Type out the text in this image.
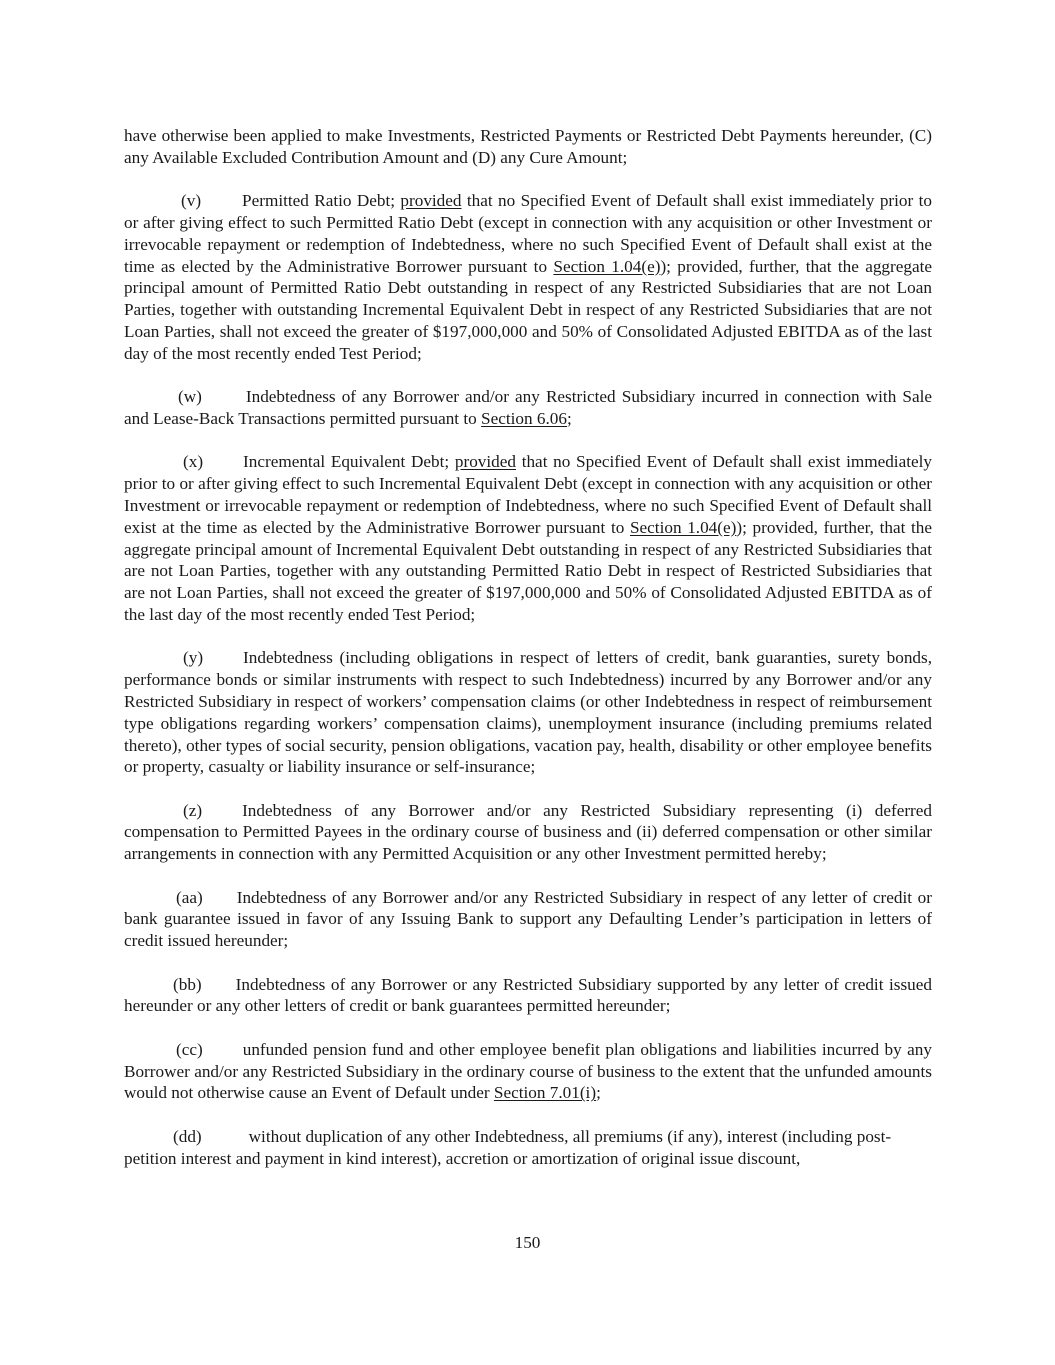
have otherwise been applied to make Investments, Restricted Payments or Restricted Debt Payments hereunder, (C) any Available Excluded Contribution Amount and (D) any Cure Amount;

(v) Permitted Ratio Debt; provided that no Specified Event of Default shall exist immediately prior to or after giving effect to such Permitted Ratio Debt (except in connection with any acquisition or other Investment or irrevocable repayment or redemption of Indebtedness, where no such Specified Event of Default shall exist at the time as elected by the Administrative Borrower pursuant to Section 1.04(e)); provided, further, that the aggregate principal amount of Permitted Ratio Debt outstanding in respect of any Restricted Subsidiaries that are not Loan Parties, together with outstanding Incremental Equivalent Debt in respect of any Restricted Subsidiaries that are not Loan Parties, shall not exceed the greater of $197,000,000 and 50% of Consolidated Adjusted EBITDA as of the last day of the most recently ended Test Period;

(w)	Indebtedness of any Borrower and/or any Restricted Subsidiary incurred in connection with Sale and Lease-Back Transactions permitted pursuant to Section 6.06;

(x) Incremental Equivalent Debt; provided that no Specified Event of Default shall exist immediately prior to or after giving effect to such Incremental Equivalent Debt (except in connection with any acquisition or other Investment or irrevocable repayment or redemption of Indebtedness, where no such Specified Event of Default shall exist at the time as elected by the Administrative Borrower pursuant to Section 1.04(e)); provided, further, that the aggregate principal amount of Incremental Equivalent Debt outstanding in respect of any Restricted Subsidiaries that are not Loan Parties, together with any outstanding Permitted Ratio Debt in respect of Restricted Subsidiaries that are not Loan Parties, shall not exceed the greater of $197,000,000 and 50% of Consolidated Adjusted EBITDA as of the last day of the most recently ended Test Period;

(y) Indebtedness (including obligations in respect of letters of credit, bank guaranties, surety bonds, performance bonds or similar instruments with respect to such Indebtedness) incurred by any Borrower and/or any Restricted Subsidiary in respect of workers’ compensation claims (or other Indebtedness in respect of reimbursement type obligations regarding workers’ compensation claims), unemployment insurance (including premiums related thereto), other types of social security, pension obligations, vacation pay, health, disability or other employee benefits or property, casualty or liability insurance or self-insurance;

(z) Indebtedness of any Borrower and/or any Restricted Subsidiary representing (i) deferred compensation to Permitted Payees in the ordinary course of business and (ii) deferred compensation or other similar arrangements in connection with any Permitted Acquisition or any other Investment permitted hereby;

(aa) Indebtedness of any Borrower and/or any Restricted Subsidiary in respect of any letter of credit or bank guarantee issued in favor of any Issuing Bank to support any Defaulting Lender’s participation in letters of credit issued hereunder;

(bb) Indebtedness of any Borrower or any Restricted Subsidiary supported by any letter of credit issued hereunder or any other letters of credit or bank guarantees permitted hereunder;

(cc) unfunded pension fund and other employee benefit plan obligations and liabilities incurred by any Borrower and/or any Restricted Subsidiary in the ordinary course of business to the extent that the unfunded amounts would not otherwise cause an Event of Default under Section 7.01(i);

(dd)	without duplication of any other Indebtedness, all premiums (if any), interest (including post-petition interest and payment in kind interest), accretion or amortization of original issue discount,

150
